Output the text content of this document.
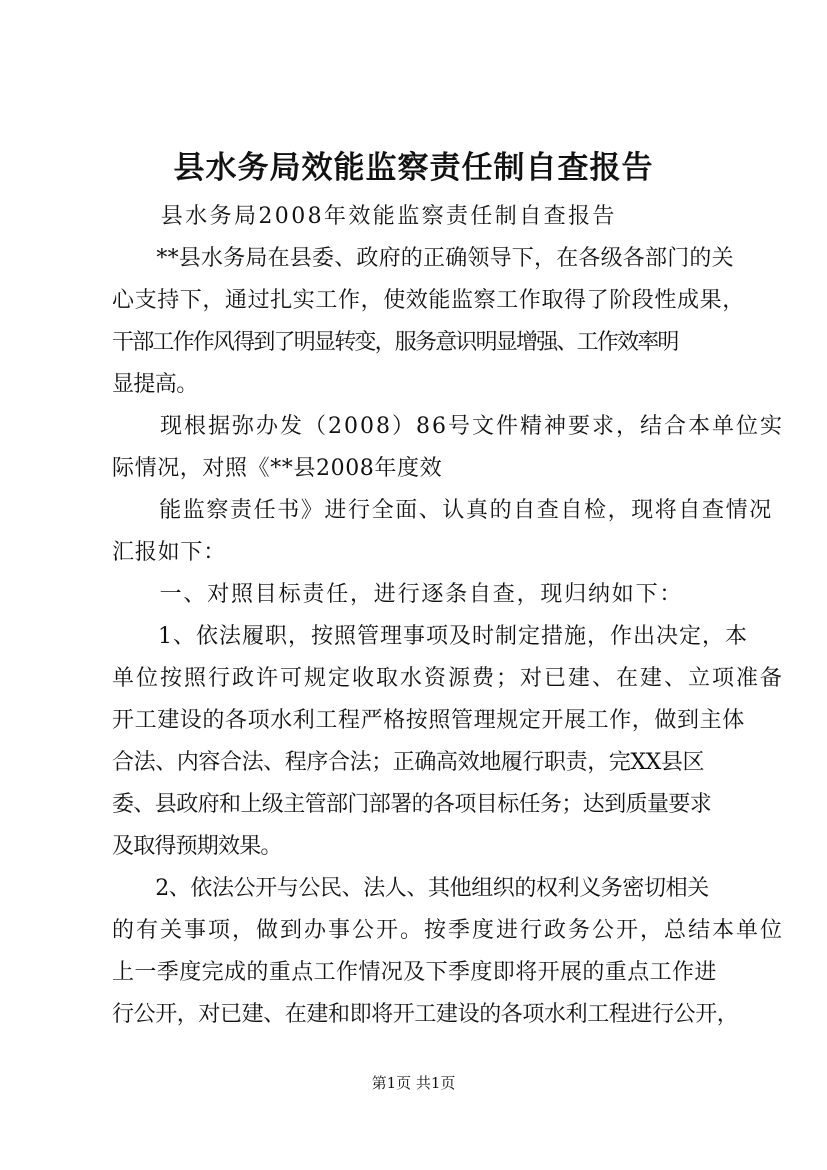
县水务局效能监察责任制自查报告

　　县水务局2008年效能监察责任制自查报告

　　**县水务局在县委、政府的正确领导下，在各级各部门的关

心支持下，通过扎实工作，使效能监察工作取得了阶段性成果，

干部工作作风得到了明显转变，服务意识明显增强、工作效率明

显提高。

　　现根据弥办发（2008）86号文件精神要求，结合本单位实

际情况，对照《**县2008年度效

　　能监察责任书》进行全面、认真的自查自检，现将自查情况

汇报如下：

　　一、对照目标责任，进行逐条自查，现归纳如下：

　　1、依法履职，按照管理事项及时制定措施，作出决定，本

单位按照行政许可规定收取水资源费；对已建、在建、立项准备

开工建设的各项水利工程严格按照管理规定开展工作，做到主体

合法、内容合法、程序合法；正确高效地履行职责，完XX县区

委、县政府和上级主管部门部署的各项目标任务；达到质量要求

及取得预期效果。

　　2、依法公开与公民、法人、其他组织的权利义务密切相关

的有关事项，做到办事公开。按季度进行政务公开，总结本单位

上一季度完成的重点工作情况及下季度即将开展的重点工作进

行公开，对已建、在建和即将开工建设的各项水利工程进行公开，

第1页 共1页
